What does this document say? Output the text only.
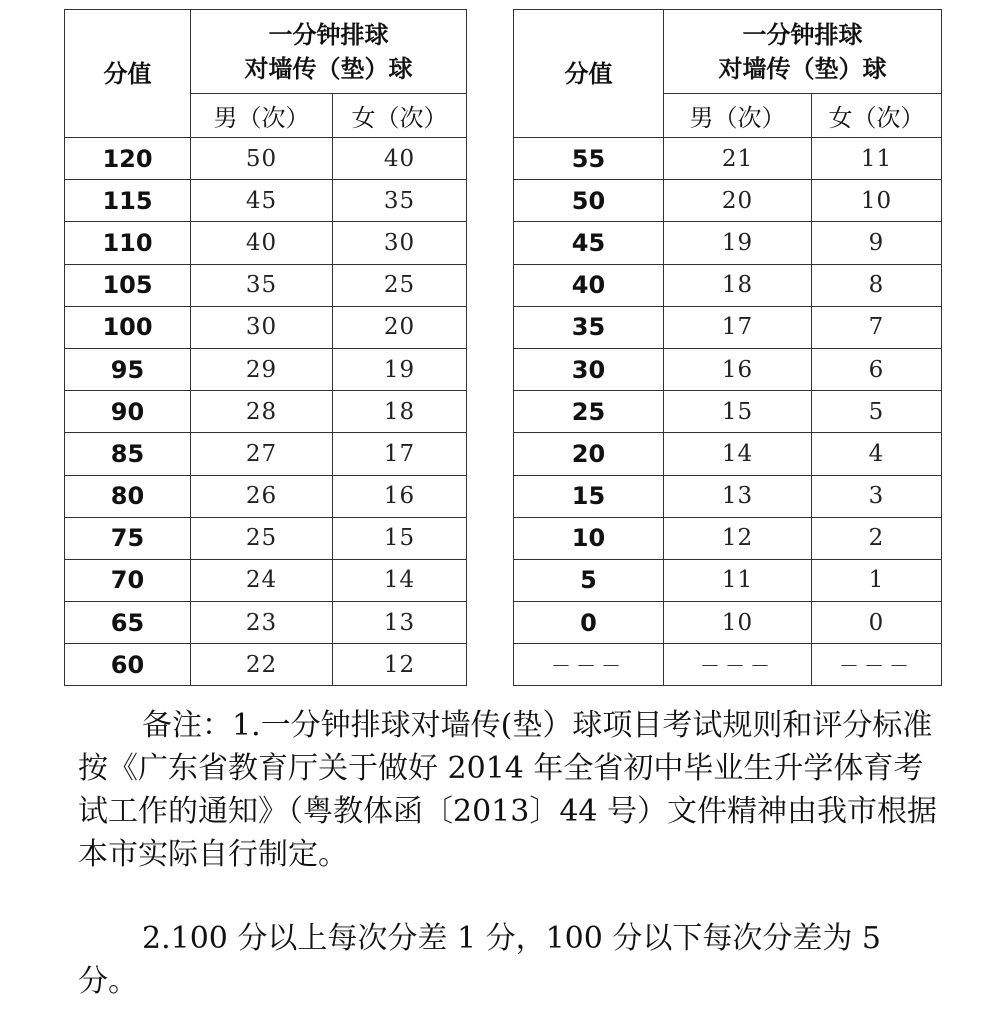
分值	一分钟排球
对墙传（垫）球	
	男（次）	女（次）
120	50	40
115	45	35
110	40	30
105	35	25
100	30	20
95	29	19
90	28	18
85	27	17
80	26	16
75	25	15
70	24	14
65	23	13
60	22	12
分值	一分钟排球
对墙传（垫）球	
	男（次）	女（次）
55	21	11
50	20	10
45	19	9
40	18	8
35	17	7
30	16	6
25	15	5
20	14	4
15	13	3
10	12	2
5	11	1
0	10	0
－－－	－－－	－－－

备注：1.一分钟排球对墙传(垫）球项目考试规则和评分标准按《广东省教育厅关于做好 2014 年全省初中毕业生升学体育考试工作的通知》（粤教体函〔2013〕44 号）文件精神由我市根据本市实际自行制定。

2.100 分以上每次分差 1 分，100 分以下每次分差为 5 分。
